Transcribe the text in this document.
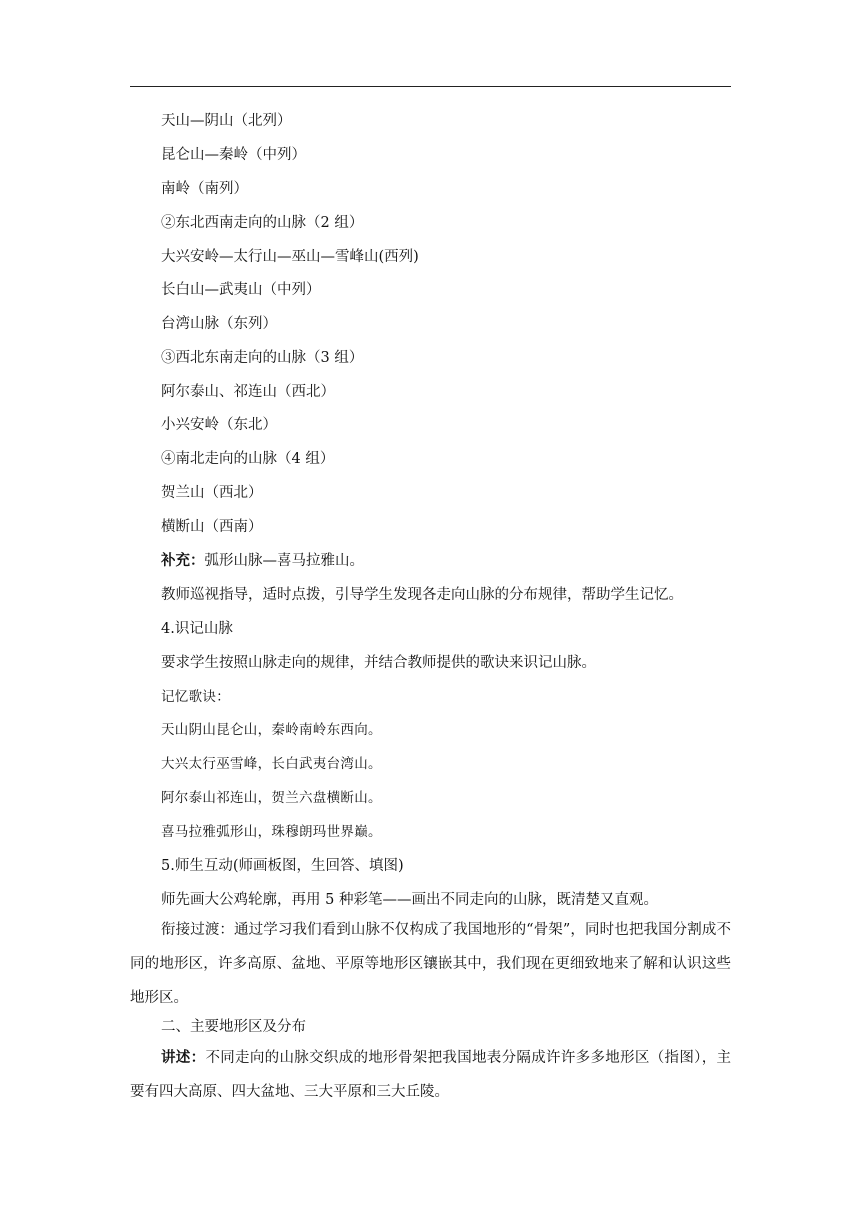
天山—阴山（北列）
昆仑山—秦岭（中列）
南岭（南列）
②东北西南走向的山脉（2 组）
大兴安岭—太行山—巫山—雪峰山(西列)
长白山—武夷山（中列）
台湾山脉（东列）
③西北东南走向的山脉（3 组）
阿尔泰山、祁连山（西北）
小兴安岭（东北）
④南北走向的山脉（4 组）
贺兰山（西北）
横断山（西南）
补充：弧形山脉—喜马拉雅山。
教师巡视指导，适时点拨，引导学生发现各走向山脉的分布规律，帮助学生记忆。
4.识记山脉
要求学生按照山脉走向的规律，并结合教师提供的歌诀来识记山脉。
记忆歌诀：
天山阴山昆仑山，秦岭南岭东西向。
大兴太行巫雪峰，长白武夷台湾山。
阿尔泰山祁连山，贺兰六盘横断山。
喜马拉雅弧形山，珠穆朗玛世界巅。
5.师生互动(师画板图，生回答、填图)
师先画大公鸡轮廓，再用 5 种彩笔——画出不同走向的山脉，既清楚又直观。
衔接过渡：通过学习我们看到山脉不仅构成了我国地形的“骨架”，同时也把我国分割成不同的地形区，许多高原、盆地、平原等地形区镶嵌其中，我们现在更细致地来了解和认识这些地形区。
二、主要地形区及分布
讲述：不同走向的山脉交织成的地形骨架把我国地表分隔成许许多多地形区（指图），主要有四大高原、四大盆地、三大平原和三大丘陵。
